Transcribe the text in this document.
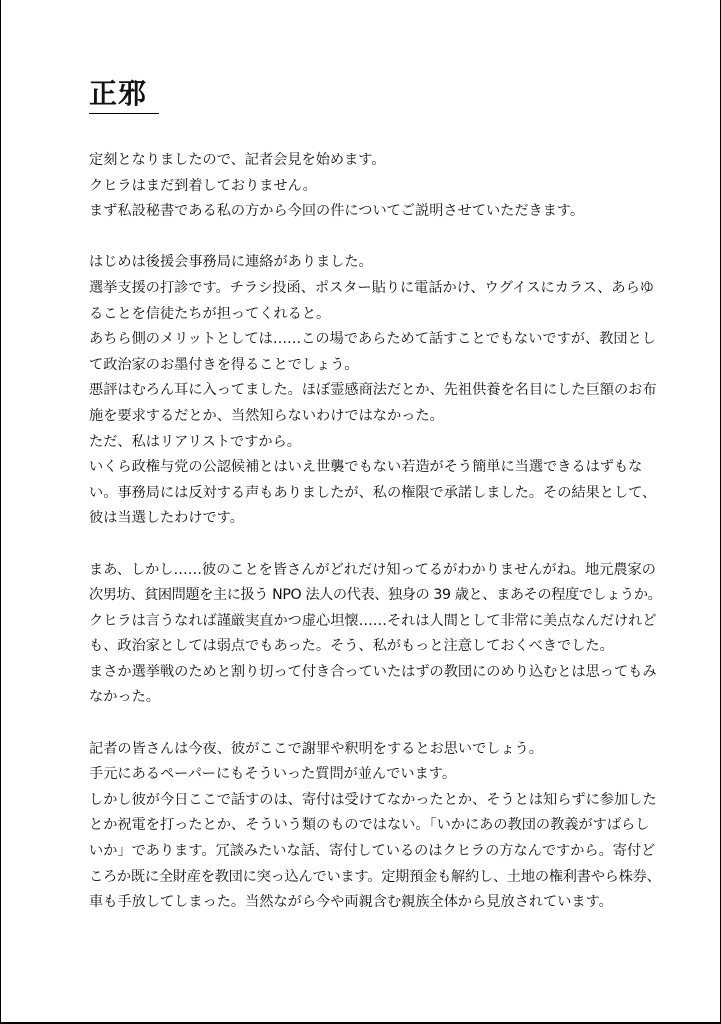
正邪
定刻となりましたので、記者会見を始めます。
クヒラはまだ到着しておりません。
まず私設秘書である私の方から今回の件についてご説明させていただきます。
はじめは後援会事務局に連絡がありました。
選挙支援の打診です。チラシ投函、ポスター貼りに電話かけ、ウグイスにカラス、あらゆ
ることを信徒たちが担ってくれると。
あちら側のメリットとしては……この場であらためて話すことでもないですが、教団とし
て政治家のお墨付きを得ることでしょう。
悪評はむろん耳に入ってました。ほぼ霊感商法だとか、先祖供養を名目にした巨額のお布
施を要求するだとか、当然知らないわけではなかった。
ただ、私はリアリストですから。
いくら政権与党の公認候補とはいえ世襲でもない若造がそう簡単に当選できるはずもな
い。事務局には反対する声もありましたが、私の権限で承諾しました。その結果として、
彼は当選したわけです。
まあ、しかし……彼のことを皆さんがどれだけ知ってるがわかりませんがね。地元農家の
次男坊、貧困問題を主に扱う NPO 法人の代表、独身の 39 歳と、まあその程度でしょうか。
クヒラは言うなれば謹厳実直かつ虚心坦懐……それは人間として非常に美点なんだけれど
も、政治家としては弱点でもあった。そう、私がもっと注意しておくべきでした。
まさか選挙戦のためと割り切って付き合っていたはずの教団にのめり込むとは思ってもみ
なかった。
記者の皆さんは今夜、彼がここで謝罪や釈明をするとお思いでしょう。
手元にあるペーパーにもそういった質問が並んでいます。
しかし彼が今日ここで話すのは、寄付は受けてなかったとか、そうとは知らずに参加した
とか祝電を打ったとか、そういう類のものではない。「いかにあの教団の教義がすばらし
いか」であります。冗談みたいな話、寄付しているのはクヒラの方なんですから。寄付ど
ころか既に全財産を教団に突っ込んでいます。定期預金も解約し、土地の権利書やら株券、
車も手放してしまった。当然ながら今や両親含む親族全体から見放されています。
